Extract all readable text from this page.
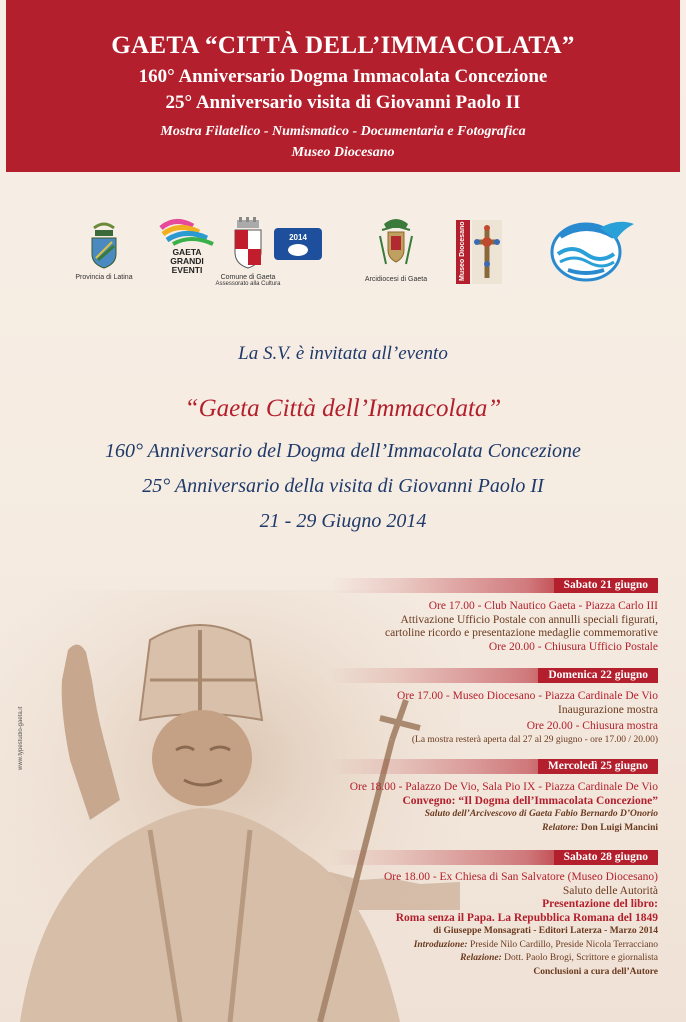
GAETA “CITTÀ DELL’IMMACOLATA”
160° Anniversario Dogma Immacolata Concezione
25° Anniversario visita di Giovanni Paolo II
Mostra Filatelico - Numismatico - Documentaria e Fotografica
Museo Diocesano
Provincia di Latina
GAETA
GRANDI
EVENTI
Comune di Gaeta
Assessorato alla Cultura
2014
Arcidiocesi di Gaeta	Museo Diocesano
La S.V. è invitata all’evento
“Gaeta Città dell’Immacolata”
160° Anniversario del Dogma dell’Immacolata Concezione
25° Anniversario della visita di Giovanni Paolo II
21 - 29 Giugno 2014
www.typestudio-gaeta.it
Sabato 21 giugno
Ore 17.00 - Club Nautico Gaeta - Piazza Carlo III
Attivazione Ufficio Postale con annulli speciali figurati,
cartoline ricordo e presentazione medaglie commemorative
Ore 20.00 - Chiusura Ufficio Postale
Domenica 22 giugno
Ore 17.00 - Museo Diocesano - Piazza Cardinale De Vio
Inaugurazione mostra
Ore 20.00 - Chiusura mostra
(La mostra resterà aperta dal 27 al 29 giugno - ore 17.00 / 20.00)
Mercoledì 25 giugno
Ore 18.00 - Palazzo De Vio, Sala Pio IX - Piazza Cardinale De Vio
Convegno: “Il Dogma dell’Immacolata Concezione”
Saluto dell’Arcivescovo di Gaeta Fabio Bernardo D’Onorio
Relatore: Don Luigi Mancini
Sabato 28 giugno
Ore 18.00 - Ex Chiesa di San Salvatore (Museo Diocesano)
Saluto delle Autorità
Presentazione del libro:
Roma senza il Papa. La Repubblica Romana del 1849
di Giuseppe Monsagrati - Editori Laterza - Marzo 2014
Introduzione: Preside Nilo Cardillo, Preside Nicola Terracciano
Relazione: Dott. Paolo Brogi, Scrittore e giornalista
Conclusioni a cura dell’Autore
